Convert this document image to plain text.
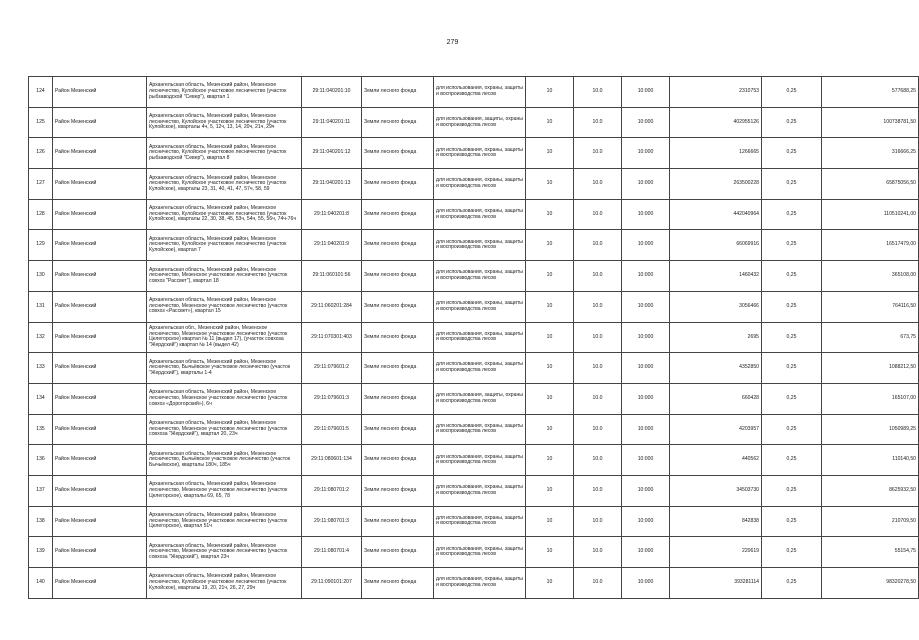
279
124	Район Мезенский	Архангельская область, Мезенский район, Мезенское лесничество, Кулойское участковое лесничество (участок рыбзаводской "Север"), квартал 1	29:11:040201:10	Земли лесного фонда	для использования, охраны, защиты и воспроизводства лесов	10	10.0	10:000	2310753	0,25	577688,25
125	Район Мезенский	Архангельская область, Мезенский район, Мезенское лесничество, Кулойское участковое лесничество (участок Кулойское), кварталы 4ч, 5, 12ч, 13, 14, 20ч, 21ч, 29ч	29:11:040201:11	Земли лесного фонда	для использования, защиты, охраны и воспроизводства лесов	10	10.0	10:000	402955126	0,25	100738781,50
126	Район Мезенский	Архангельская область, Мезенский район, Мезенское лесничество, Кулойское участковое лесничество (участок рыбзаводской "Север"), квартал 8	29:11:040201:12	Земли лесного фонда	для использования, охраны, защиты и воспроизводства лесов	10	10.0	10:000	1266665	0,25	316666,25
127	Район Мезенский	Архангельская область, Мезенский район, Мезенское лесничество, Кулойское участковое лесничество (участок Кулойское), кварталы 23, 31, 40, 41, 47, 57ч, 58, 59	29:11:040201:13	Земли лесного фонда	для использования, охраны, защиты и воспроизводства лесов	10	10.0	10:000	263500228	0,25	65875056,50
128	Район Мезенский	Архангельская область, Мезенский район, Мезенское лесничество, Кулойское участковое лесничество (участок Кулойское), кварталы 22, 30, 38, 45, 53ч, 54ч, 55, 56ч, 74ч-76ч	29:11:040201:8	Земли лесного фонда	для использования, охраны, защиты и воспроизводства лесов	10	10.0	10:000	442040964	0,25	110510241,00
129	Район Мезенский	Архангельская область, Мезенский район, Мезенское лесничество, Кулойское участковое лесничество (участок Кулойское), квартал 7	29:11:040201:9	Земли лесного фонда	для использования, охраны, защиты и воспроизводства лесов	10	10.0	10:000	66069916	0,25	16517479,00
130	Район Мезенский	Архангельская область, Мезенский район, Мезенское лесничество, Мезенское участковое лесничество (участок совхоз "Рассвет"), квартал 18	29:11:060101:56	Земли лесного фонда	для использования, охраны, защиты и воспроизводства лесов	10	10.0	10:000	1460432	0,25	365108,00
131	Район Мезенский	Архангельская область, Мезенский район, Мезенское лесничество, Мезенское участковое лесничество (участок совхоз «Рассвет»), квартал 15	29:11:060201:284	Земли лесного фонда	для использования, охраны, защиты и воспроизводства лесов	10	10.0	10:000	3056466	0,25	764116,50
132	Район Мезенский	Архангельская обл., Мезенский район, Мезенское лесничество, Мезенское участковое лесничество (участок Целегорское) квартал № 11 (выдел 17), (участок совхоза "Жердский") квартал № 14 (выдел 42)	29:11:070301:403	Земли лесного фонда	для использования, охраны, защиты и воспроизводства лесов	10	10.0	10:000	2695	0,25	673,75
133	Район Мезенский	Архангельская область, Мезенский район, Мезенское лесничество, Бычьёвское участковое лесничество (участок "Жердский"), кварталы 1-4	29:11:079601:2	Земли лесного фонда	для использования, охраны, защиты и воспроизводства лесов	10	10.0	10:000	4352850	0,25	1088212,50
134	Район Мезенский	Архангельская область, Мезенский район, Мезенское лесничество, Мезенское участковое лесничество (участок совхоз «Дорогорский»), 6ч	29:11:079601:3	Земли лесного фонда	для использования, защиты, охраны и воспроизводства лесов	10	10.0	10:000	660428	0,25	165107,00
135	Район Мезенский	Архангельская область, Мезенский район, Мезенское лесничество, Мезенское участковое лесничество (участок совхоза "Жердский"), квартал 20, 23ч	29:11:079601:5	Земли лесного фонда	для использования, охраны, защиты и воспроизводства лесов	10	10.0	10:000	4203957	0,25	1050989,25
136	Район Мезенский	Архангельская область, Мезенский район, Мезенское лесничество, Бычьёвское участковое лесничество (участок Бычьёвское), кварталы 180ч, 185ч	29:11:080601:134	Земли лесного фонда	для использования, охраны, защиты и воспроизводства лесов	10	10.0	10:000	440562	0,25	110140,50
137	Район Мезенский	Архангельская область, Мезенский район, Мезенское лесничество, Мезенское участковое лесничество (участок Целегорское), кварталы 69, 65, 78	29:11:080701:2	Земли лесного фонда	для использования, охраны, защиты и воспроизводства лесов	10	10.0	10:000	34503730	0,25	8625932,50
138	Район Мезенский	Архангельская область, Мезенский район, Мезенское лесничество, Мезенское участковое лесничество (участок Целегорское), квартал 51ч	29:11:080701:3	Земли лесного фонда	для использования, охраны, защиты и воспроизводства лесов	10	10.0	10:000	842838	0,25	210709,50
139	Район Мезенский	Архангельская область, Мезенский район, Мезенское лесничество, Мезенское участковое лесничество (участок совхоза "Жердский"), квартал 23ч	29:11:080701:4	Земли лесного фонда	для использования, охраны, защиты и воспроизводства лесов	10	10.0	10:000	220619	0,25	55154,75
140	Район Мезенский	Архангельская область, Мезенский район, Мезенское лесничество, Кулойское участковое лесничество (участок Кулойское), кварталы 19, 20, 21ч, 26, 27, 29ч	29:11:090101:207	Земли лесного фонда	для использования, охраны, защиты и воспроизводства лесов	10	10.0	10:000	393281114	0,25	98320278,50
